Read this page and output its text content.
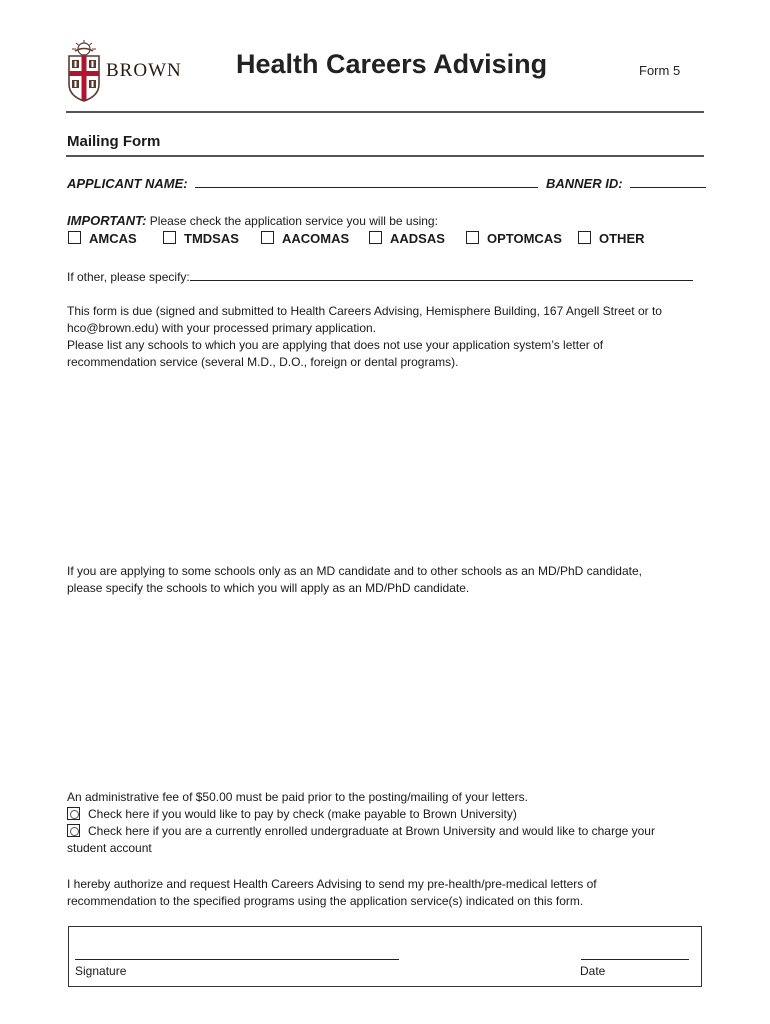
BROWN Health Careers Advising	Form 5
Mailing Form
APPLICANT NAME:	BANNER ID:
IMPORTANT: Please check the application service you will be using:
AMCAS	TMDSAS	AACOMAS	AADSAS	OPTOMCAS	OTHER
If other, please specify:
This form is due (signed and submitted to Health Careers Advising, Hemisphere Building, 167 Angell Street or to
hco@brown.edu) with your processed primary application.
Please list any schools to which you are applying that does not use your application system’s letter of
recommendation service (several M.D., D.O., foreign or dental programs).
If you are applying to some schools only as an MD candidate and to other schools as an MD/PhD candidate,
please specify the schools to which you will apply as an MD/PhD candidate.
An administrative fee of $50.00 must be paid prior to the posting/mailing of your letters.
Check here if you would like to pay by check (make payable to Brown University)
Check here if you are a currently enrolled undergraduate at Brown University and would like to charge your
student account
I hereby authorize and request Health Careers Advising to send my pre-health/pre-medical letters of
recommendation to the specified programs using the application service(s) indicated on this form.
Signature	Date
